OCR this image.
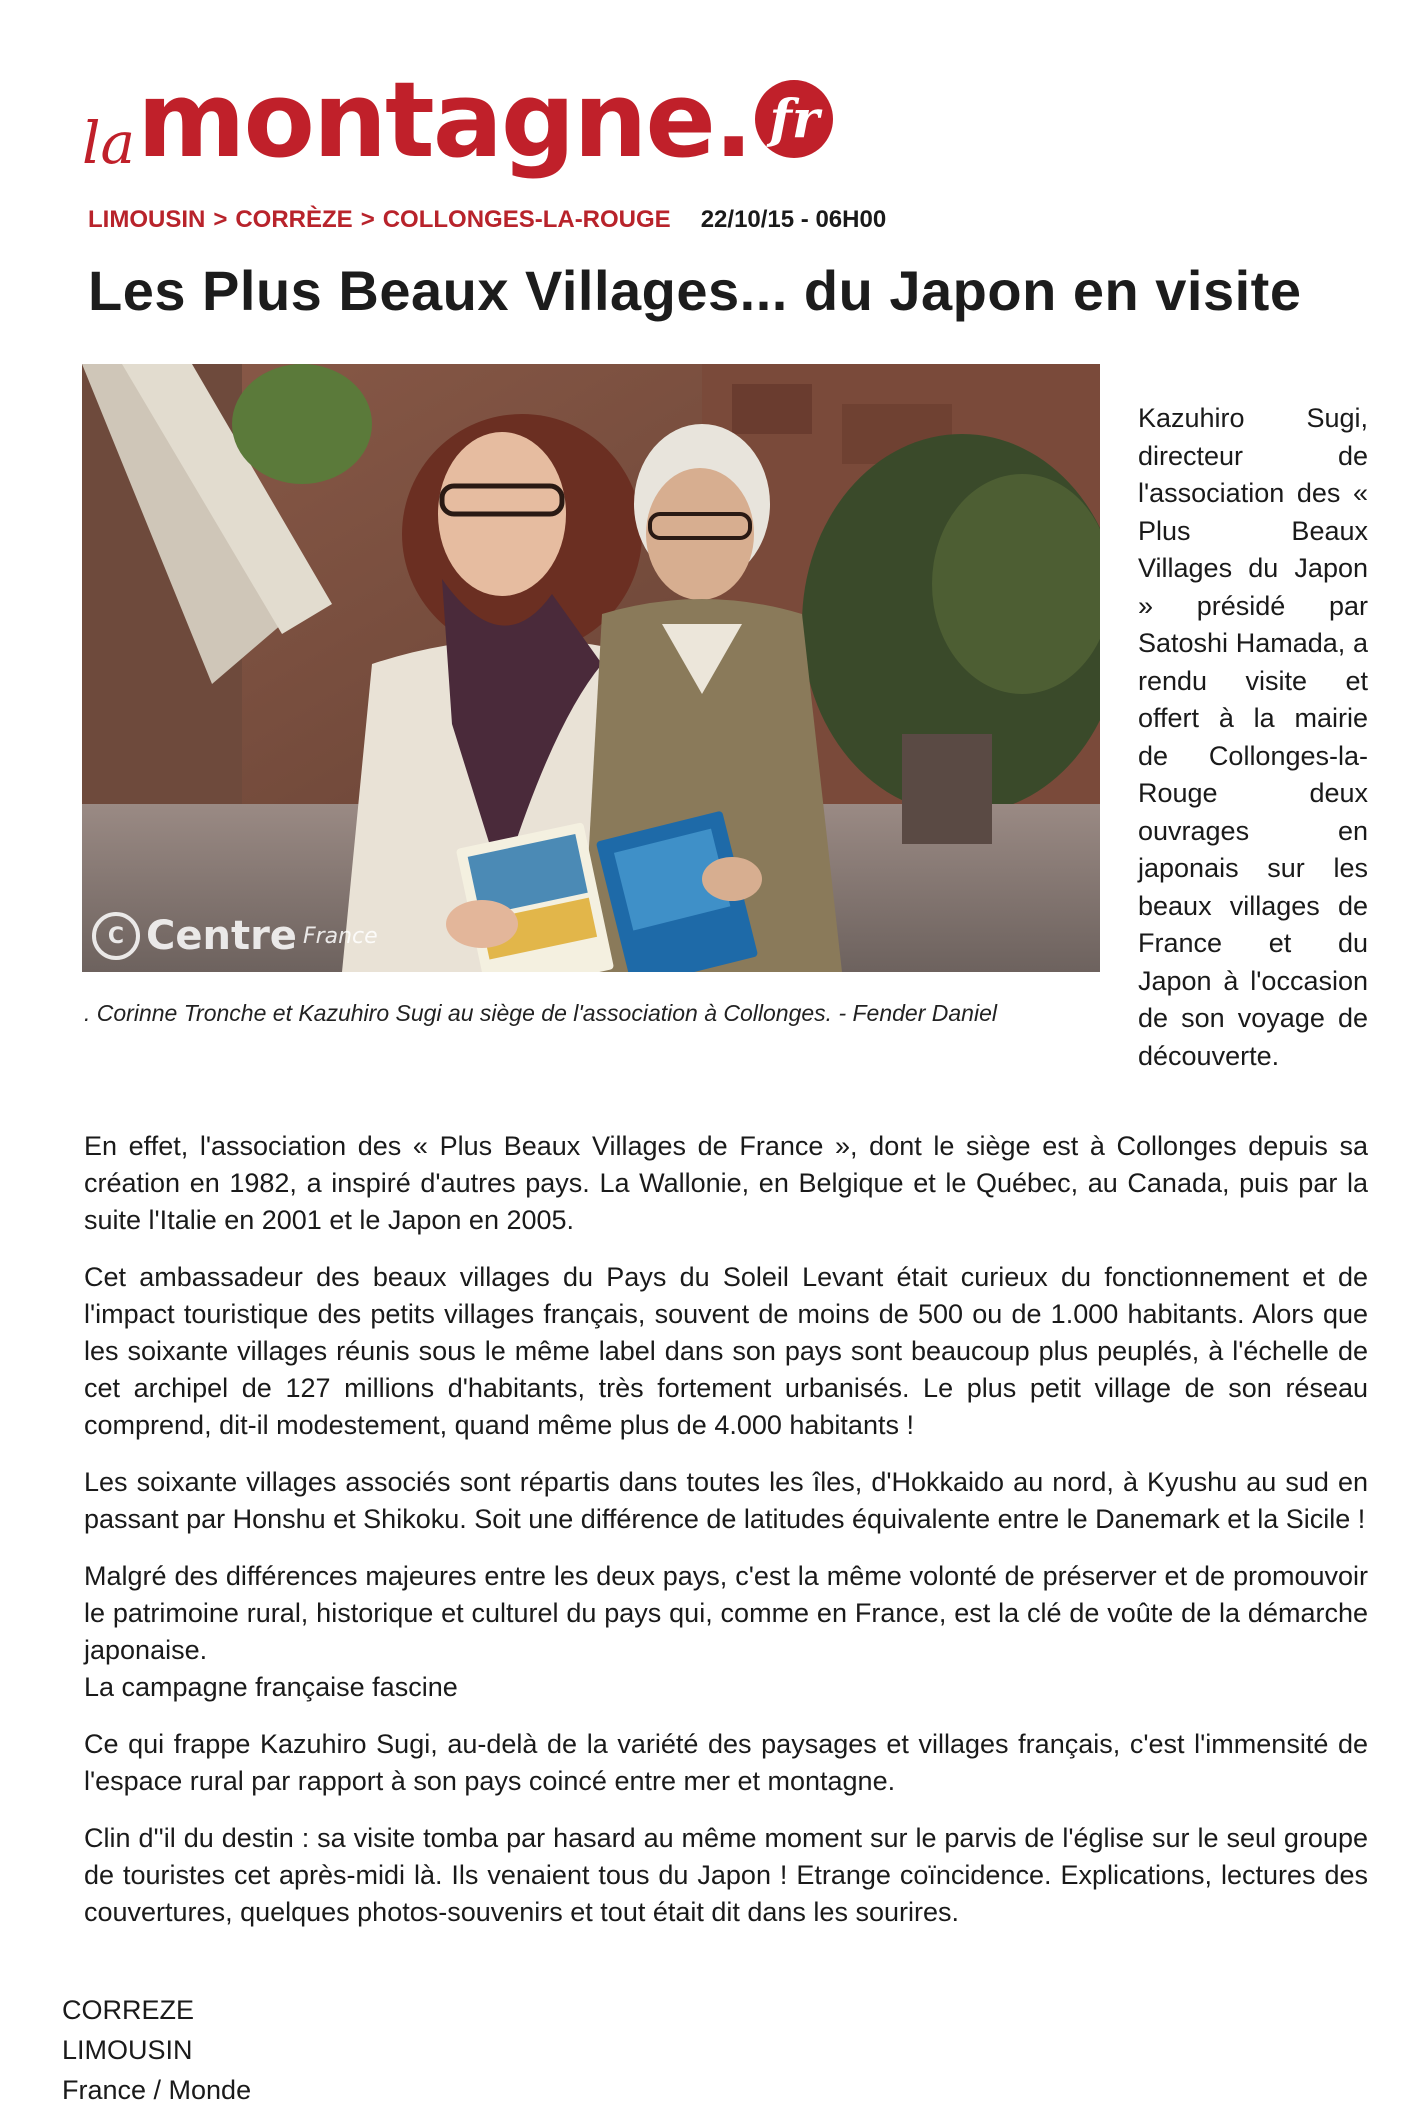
la montagne. fr
LIMOUSIN > CORRÈZE > COLLONGES-LA-ROUGE 22/10/15 - 06H00
Les Plus Beaux Villages... du Japon en visite
C Centre France

. Corinne Tronche et Kazuhiro Sugi au siège de l'association à Collonges. - Fender Daniel

Kazuhiro Sugi, directeur de l'association des « Plus Beaux Villages du Japon » présidé par Satoshi Hamada, a rendu visite et offert à la mairie de Collonges-la-Rouge deux ouvrages en japonais sur les beaux villages de France et du Japon à l'occasion de son voyage de découverte.

En effet, l'association des « Plus Beaux Villages de France », dont le siège est à Collonges depuis sa création en 1982, a inspiré d'autres pays. La Wallonie, en Belgique et le Québec, au Canada, puis par la suite l'Italie en 2001 et le Japon en 2005.

Cet ambassadeur des beaux villages du Pays du Soleil Levant était curieux du fonctionnement et de l'impact touristique des petits villages français, souvent de moins de 500 ou de 1.000 habitants. Alors que les soixante villages réunis sous le même label dans son pays sont beaucoup plus peuplés, à l'échelle de cet archipel de 127 millions d'habitants, très fortement urbanisés. Le plus petit village de son réseau comprend, dit-il modestement, quand même plus de 4.000 habitants !

Les soixante villages associés sont répartis dans toutes les îles, d'Hokkaido au nord, à Kyushu au sud en passant par Honshu et Shikoku. Soit une différence de latitudes équivalente entre le Danemark et la Sicile !

Malgré des différences majeures entre les deux pays, c'est la même volonté de préserver et de promouvoir le patrimoine rural, historique et culturel du pays qui, comme en France, est la clé de voûte de la démarche japonaise.

La campagne française fascine

Ce qui frappe Kazuhiro Sugi, au-delà de la variété des paysages et villages français, c'est l'immensité de l'espace rural par rapport à son pays coincé entre mer et montagne.

Clin d''il du destin : sa visite tomba par hasard au même moment sur le parvis de l'église sur le seul groupe de touristes cet après-midi là. Ils venaient tous du Japon ! Etrange coïncidence. Explications, lectures des couvertures, quelques photos-souvenirs et tout était dit dans les sourires.

CORREZE
LIMOUSIN
France / Monde
